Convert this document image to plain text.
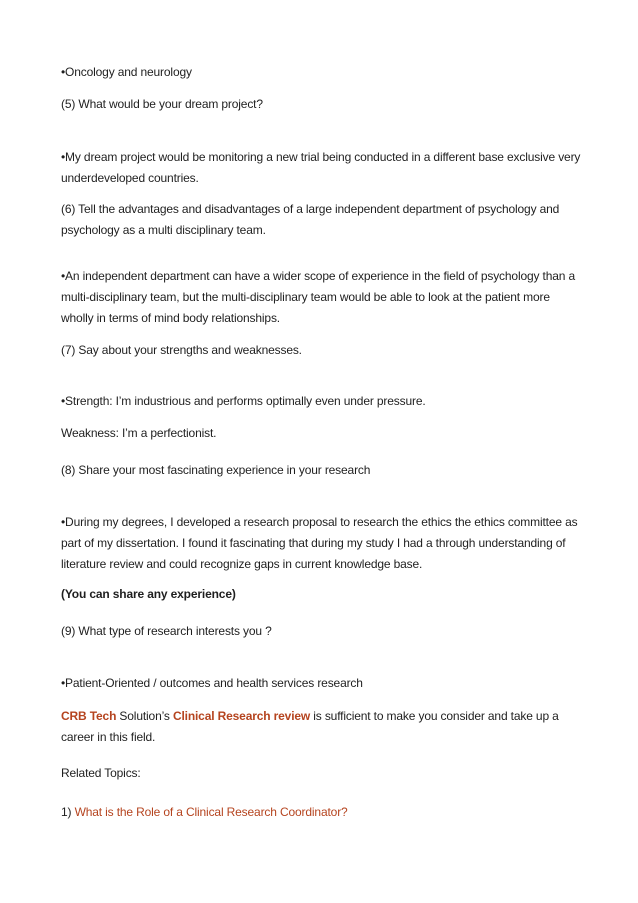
•Oncology and neurology

(5) What would be your dream project?

•My dream project would be monitoring a new trial being conducted in a different base exclusive very underdeveloped countries.

(6) Tell the advantages and disadvantages of a large independent department of psychology and psychology as a multi disciplinary team.

•An independent department can have a wider scope of experience in the field of psychology than a multi-disciplinary team, but the multi-disciplinary team would be able to look at the patient more wholly in terms of mind body relationships.

(7) Say about your strengths and weaknesses.

•Strength: I’m industrious and performs optimally even under pressure.

Weakness: I’m a perfectionist.

(8) Share your most fascinating experience in your research

•During my degrees, I developed a research proposal to research the ethics the ethics committee as part of my dissertation. I found it fascinating that during my study I had a through understanding of literature review and could recognize gaps in current knowledge base.

(You can share any experience)

(9) What type of research interests you ?

•Patient-Oriented / outcomes and health services research

CRB Tech Solution’s Clinical Research review is sufficient to make you consider and take up a career in this field.

Related Topics:

1) What is the Role of a Clinical Research Coordinator?
